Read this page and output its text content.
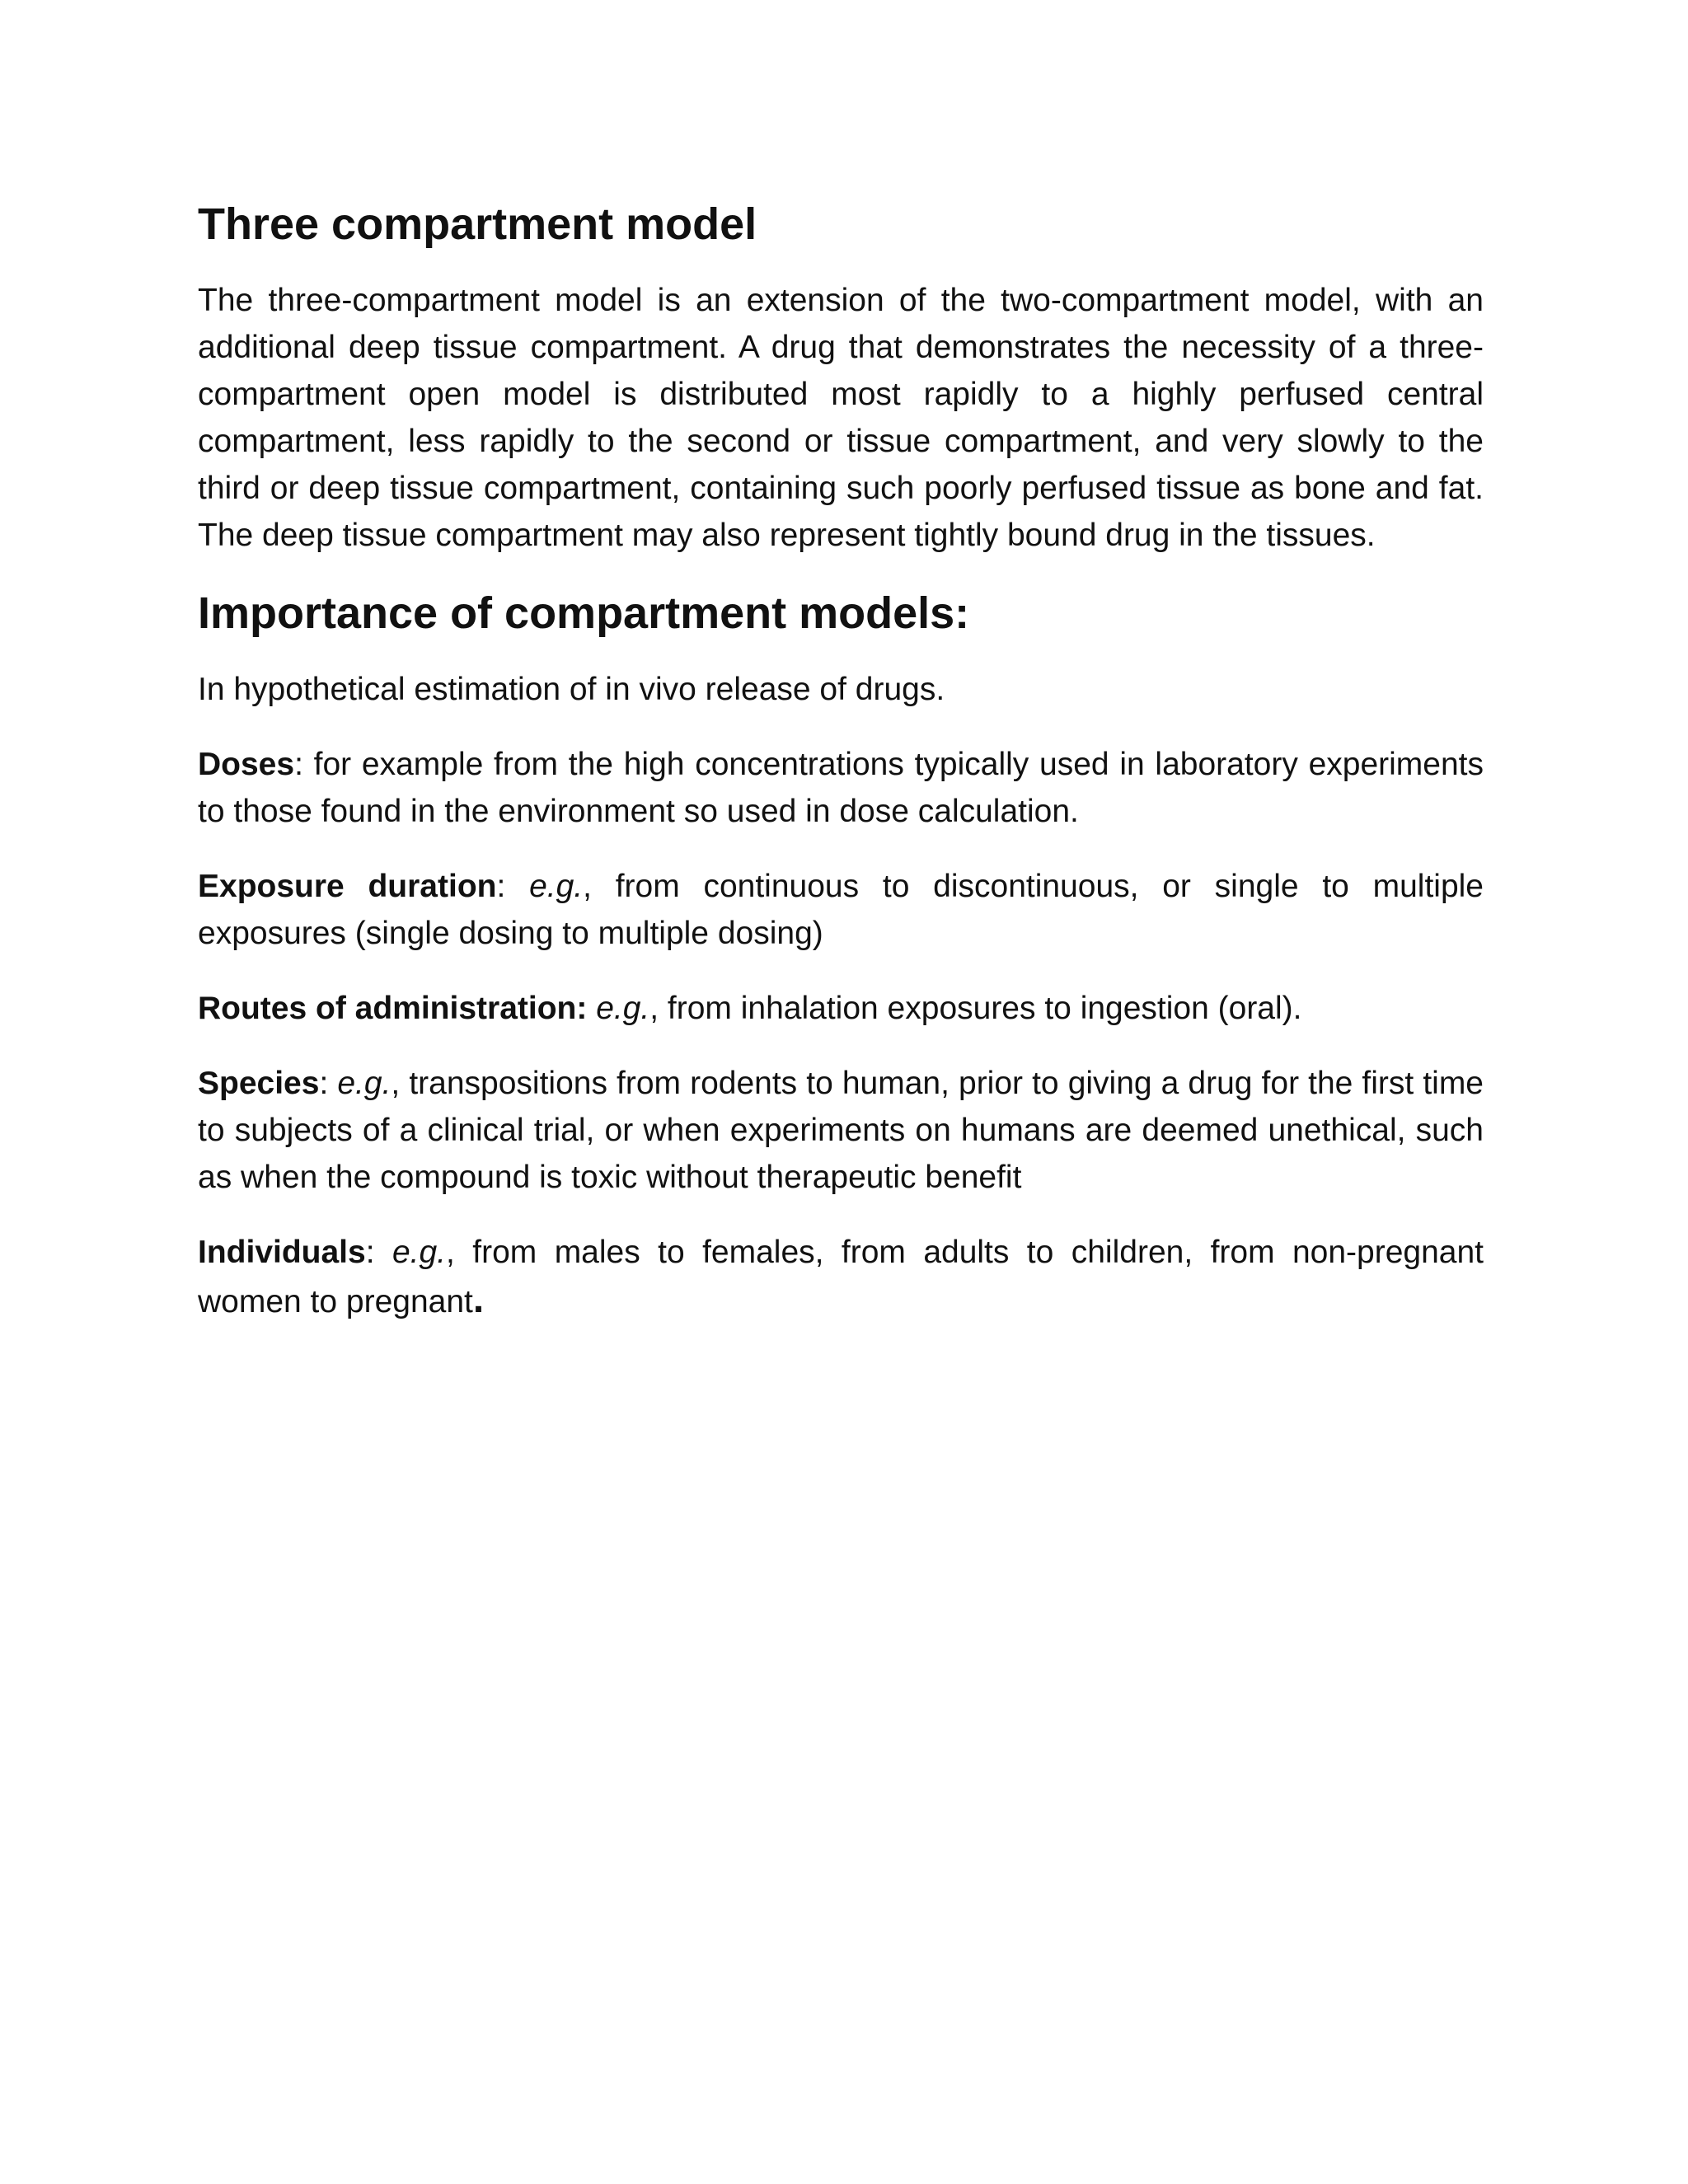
Three compartment model

The three-compartment model is an extension of the two-compartment model, with an additional deep tissue compartment. A drug that demonstrates the necessity of a three-compartment open model is distributed most rapidly to a highly perfused central compartment, less rapidly to the second or tissue compartment, and very slowly to the third or deep tissue compartment, containing such poorly perfused tissue as bone and fat. The deep tissue compartment may also represent tightly bound drug in the tissues.

Importance of compartment models:

In hypothetical estimation of in vivo release of drugs.

Doses: for example from the high concentrations typically used in laboratory experiments to those found in the environment so used in dose calculation.

Exposure duration: e.g., from continuous to discontinuous, or single to multiple exposures (single dosing to multiple dosing)

Routes of administration: e.g., from inhalation exposures to ingestion (oral).

Species: e.g., transpositions from rodents to human, prior to giving a drug for the first time to subjects of a clinical trial, or when experiments on humans are deemed unethical, such as when the compound is toxic without therapeutic benefit

Individuals: e.g., from males to females, from adults to children, from non-pregnant women to pregnant.
